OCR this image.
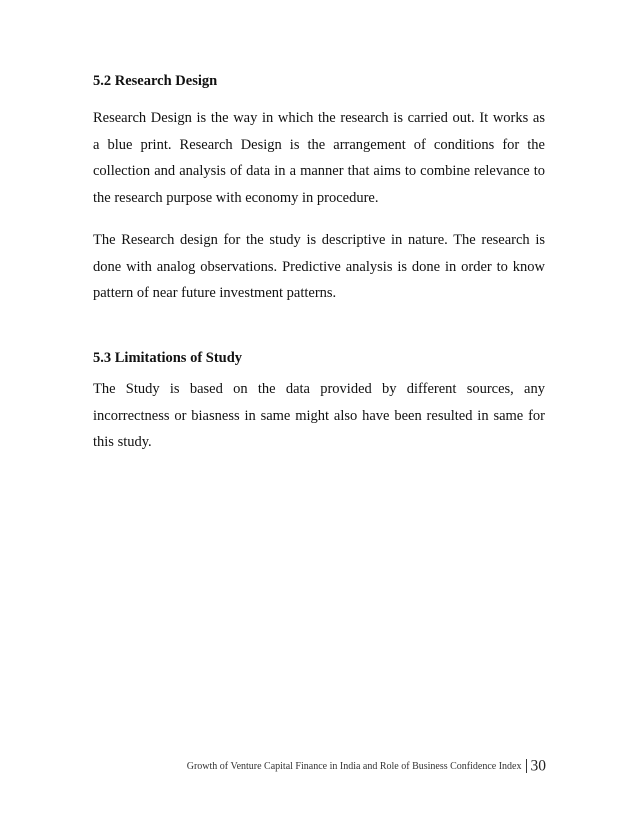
5.2 Research Design

Research Design is the way in which the research is carried out. It works as
a blue print. Research Design is the arrangement of conditions for the
collection and analysis of data in a manner that aims to combine relevance to
the research purpose with economy in procedure.

The Research design for the study is descriptive in nature. The research is
done with analog observations. Predictive analysis is done in order to know
pattern of near future investment patterns.

5.3 Limitations of Study

The Study is based on the data provided by different sources, any
incorrectness or biasness in same might also have been resulted in same for
this study.

Growth of Venture Capital Finance in India and Role of Business Confidence Index 30
